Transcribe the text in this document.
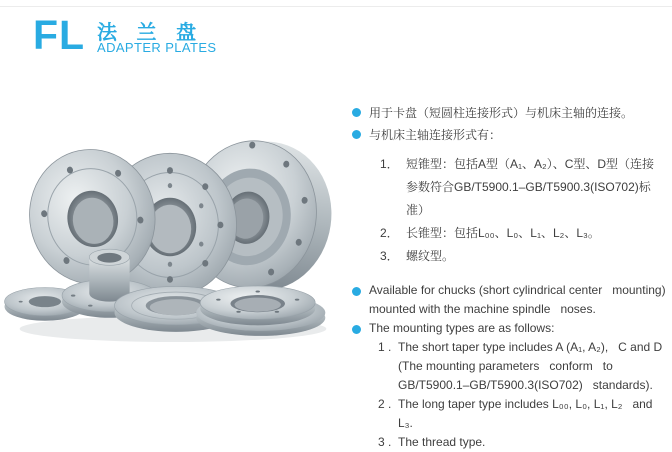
FL 法 兰 盘
ADAPTER PLATES
用于卡盘（短圆柱连接形式）与机床主轴的连接。
与机床主轴连接形式有：
1． 短锥型：包括A型（A₁、A₂）、C型、D型（连接
参数符合GB/T5900.1–GB/T5900.3(ISO702)标准）
2． 长锥型：包括L₀₀、L₀、L₁、L₂、L₃。
3． 螺纹型。
Available for chucks (short cylindrical center   mounting)
mounted with the machine spindle   noses.
The mounting types are as follows:
1 . The short taper type includes A (A₁, A₂),   C and D
(The mounting parameters   conform   to
GB/T5900.1–GB/T5900.3(ISO702)   standards).
2 . The long taper type includes L₀₀, L₀, L₁, L₂   and L₃.
3 . The thread type.
